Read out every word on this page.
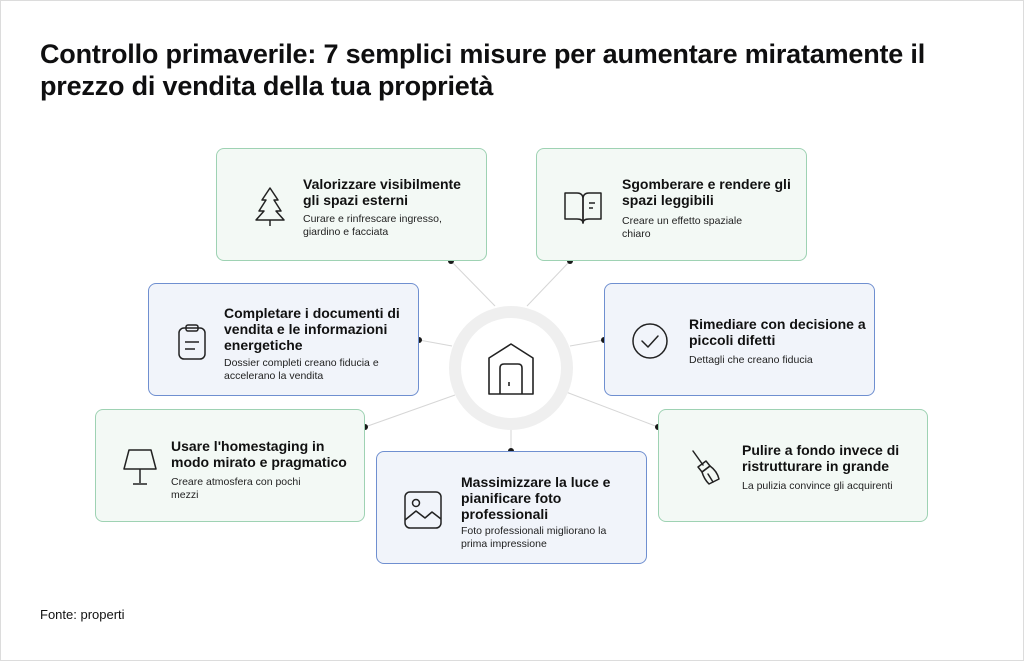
Controllo primaverile: 7 semplici misure per aumentare miratamente il prezzo di vendita della tua proprietà
Valorizzare visibilmente gli spazi esterni
Curare e rinfrescare ingresso, giardino e facciata
Sgomberare e rendere gli spazi leggibili
Creare un effetto spaziale chiaro
Completare i documenti di vendita e le informazioni energetiche
Dossier completi creano fiducia e accelerano la vendita
Rimediare con decisione a piccoli difetti
Dettagli che creano fiducia
Usare l'homestaging in modo mirato e pragmatico
Creare atmosfera con pochi mezzi
Massimizzare la luce e pianificare foto professionali
Foto professionali migliorano la prima impressione
Pulire a fondo invece di ristrutturare in grande
La pulizia convince gli acquirenti
Fonte: properti
